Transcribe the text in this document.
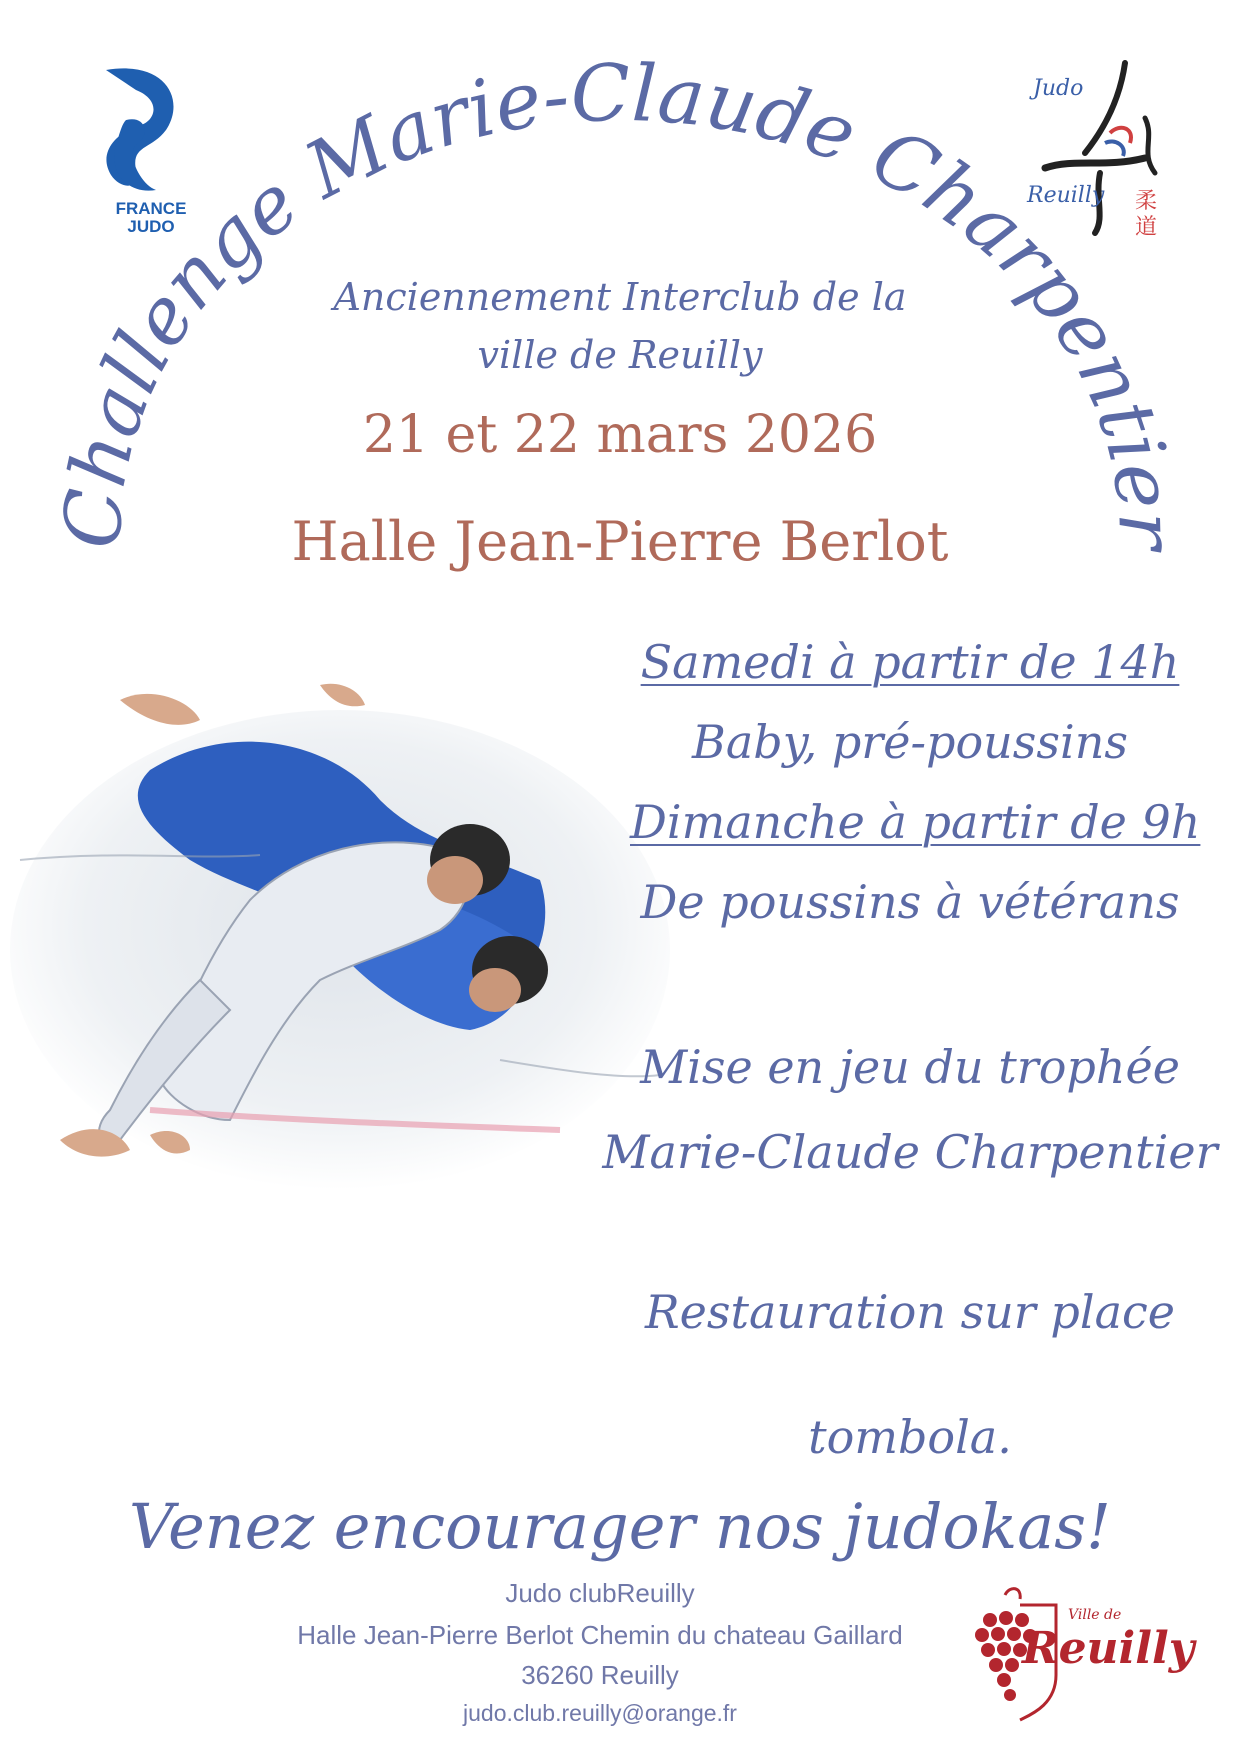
FRANCE
JUDO
Judo
柔
道
Reuilly
Challenge Marie-Claude Charpentier
Anciennement Interclub de la
ville de Reuilly
21 et 22 mars 2026
Halle Jean-Pierre Berlot
Samedi à partir de 14h
Baby, pré-poussins
Dimanche à partir de 9h
De poussins à vétérans
Mise en jeu du trophée
Marie-Claude Charpentier
Restauration sur place
tombola.
Venez encourager nos judokas!
Judo clubReuilly
Halle Jean-Pierre Berlot Chemin du chateau Gaillard
36260 Reuilly
judo.club.reuilly@orange.fr
Ville de
Reuilly
